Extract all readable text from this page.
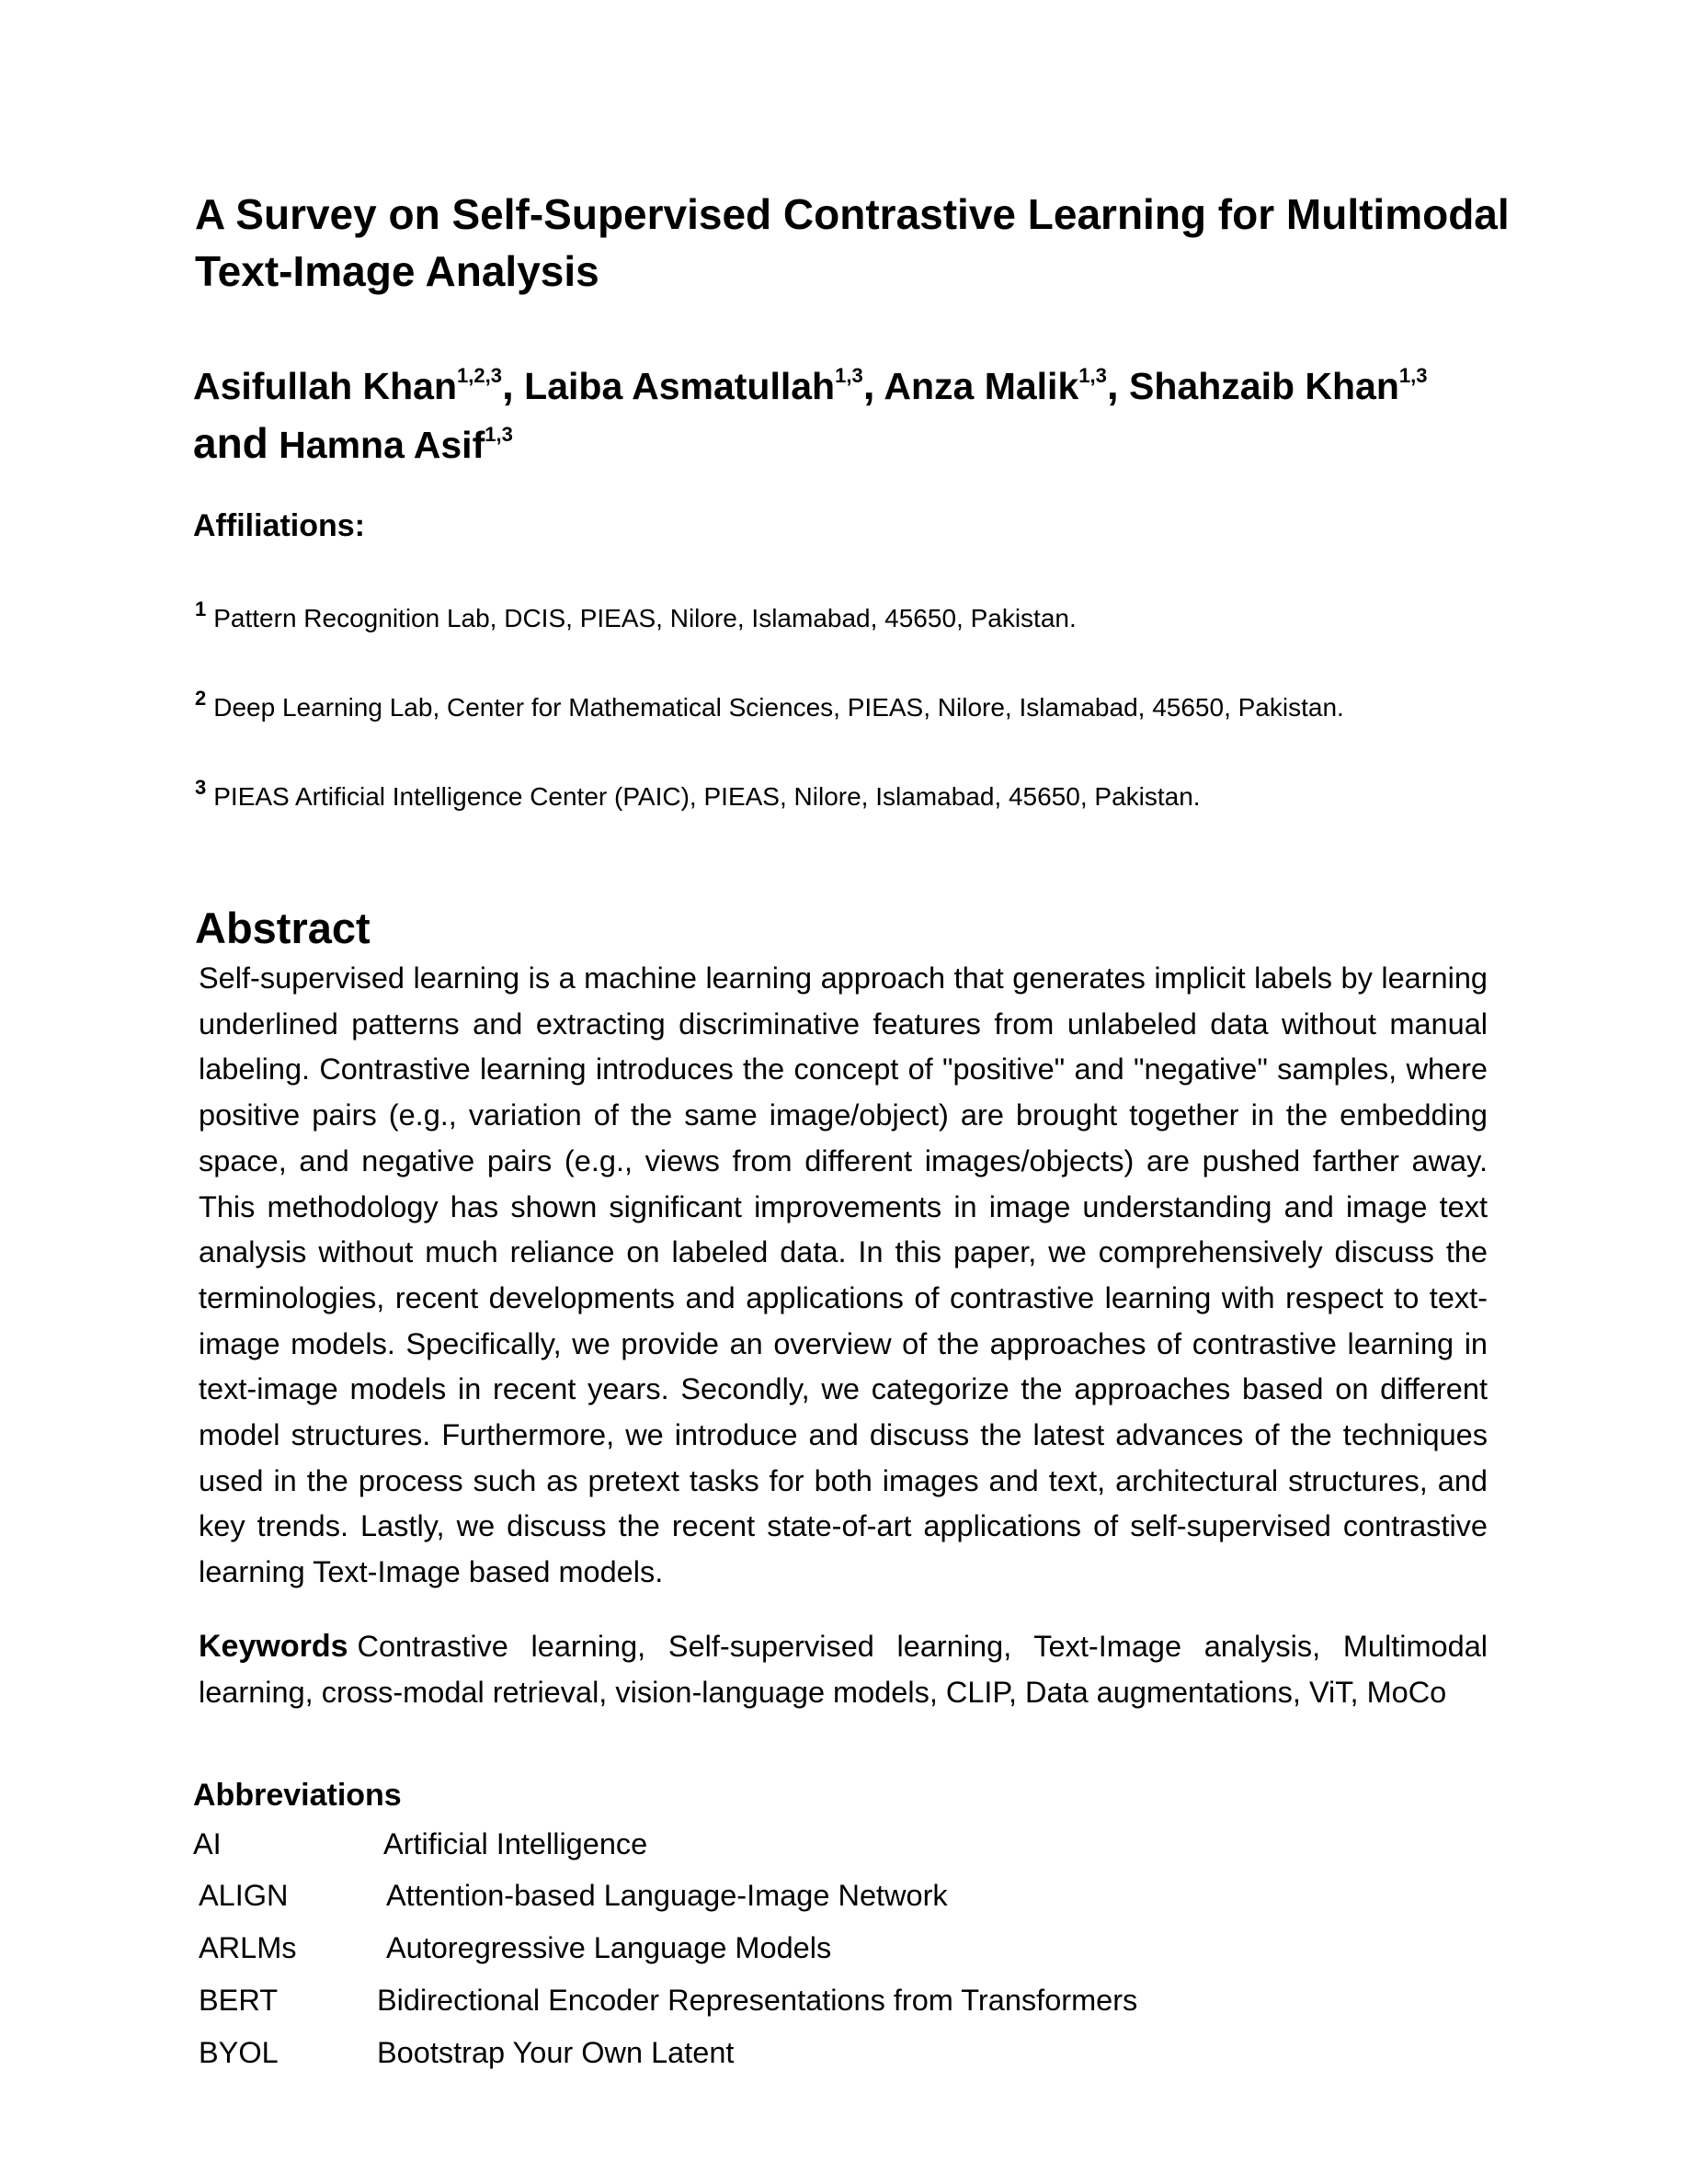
A Survey on Self-Supervised Contrastive Learning for Multimodal Text-Image Analysis
Asifullah Khan$^{1,2,3}$, Laiba Asmatullah$^{1,3}$, Anza Malik$^{1,3}$, Shahzaib Khan$^{1,3}$
and Hamna Asif$^{1,3}$
Affiliations:

$^1$ Pattern Recognition Lab, DCIS, PIEAS, Nilore, Islamabad, 45650, Pakistan.

$^2$ Deep Learning Lab, Center for Mathematical Sciences, PIEAS, Nilore, Islamabad, 45650, Pakistan.

$^3$ PIEAS Artificial Intelligence Center (PAIC), PIEAS, Nilore, Islamabad, 45650, Pakistan.

Abstract

Self-supervised learning is a machine learning approach that generates implicit labels by learning underlined patterns and extracting discriminative features from unlabeled data without manual labeling. Contrastive learning introduces the concept of "positive" and "negative" samples, where positive pairs (e.g., variation of the same image/object) are brought together in the embedding space, and negative pairs (e.g., views from different images/objects) are pushed farther away. This methodology has shown significant improvements in image understanding and image text analysis without much reliance on labeled data. In this paper, we comprehensively discuss the terminologies, recent developments and applications of contrastive learning with respect to text-image models. Specifically, we provide an overview of the approaches of contrastive learning in text-image models in recent years. Secondly, we categorize the approaches based on different model structures. Furthermore, we introduce and discuss the latest advances of the techniques used in the process such as pretext tasks for both images and text, architectural structures, and key trends. Lastly, we discuss the recent state-of-art applications of self-supervised contrastive learning Text-Image based models.

Keywords Contrastive learning, Self-supervised learning, Text-Image analysis, Multimodal learning, cross-modal retrieval, vision-language models, CLIP, Data augmentations, ViT, MoCo

Abbreviations
AI	Artificial Intelligence
ALIGN	Attention-based Language-Image Network
ARLMs	Autoregressive Language Models
BERT	Bidirectional Encoder Representations from Transformers
BYOL	Bootstrap Your Own Latent
